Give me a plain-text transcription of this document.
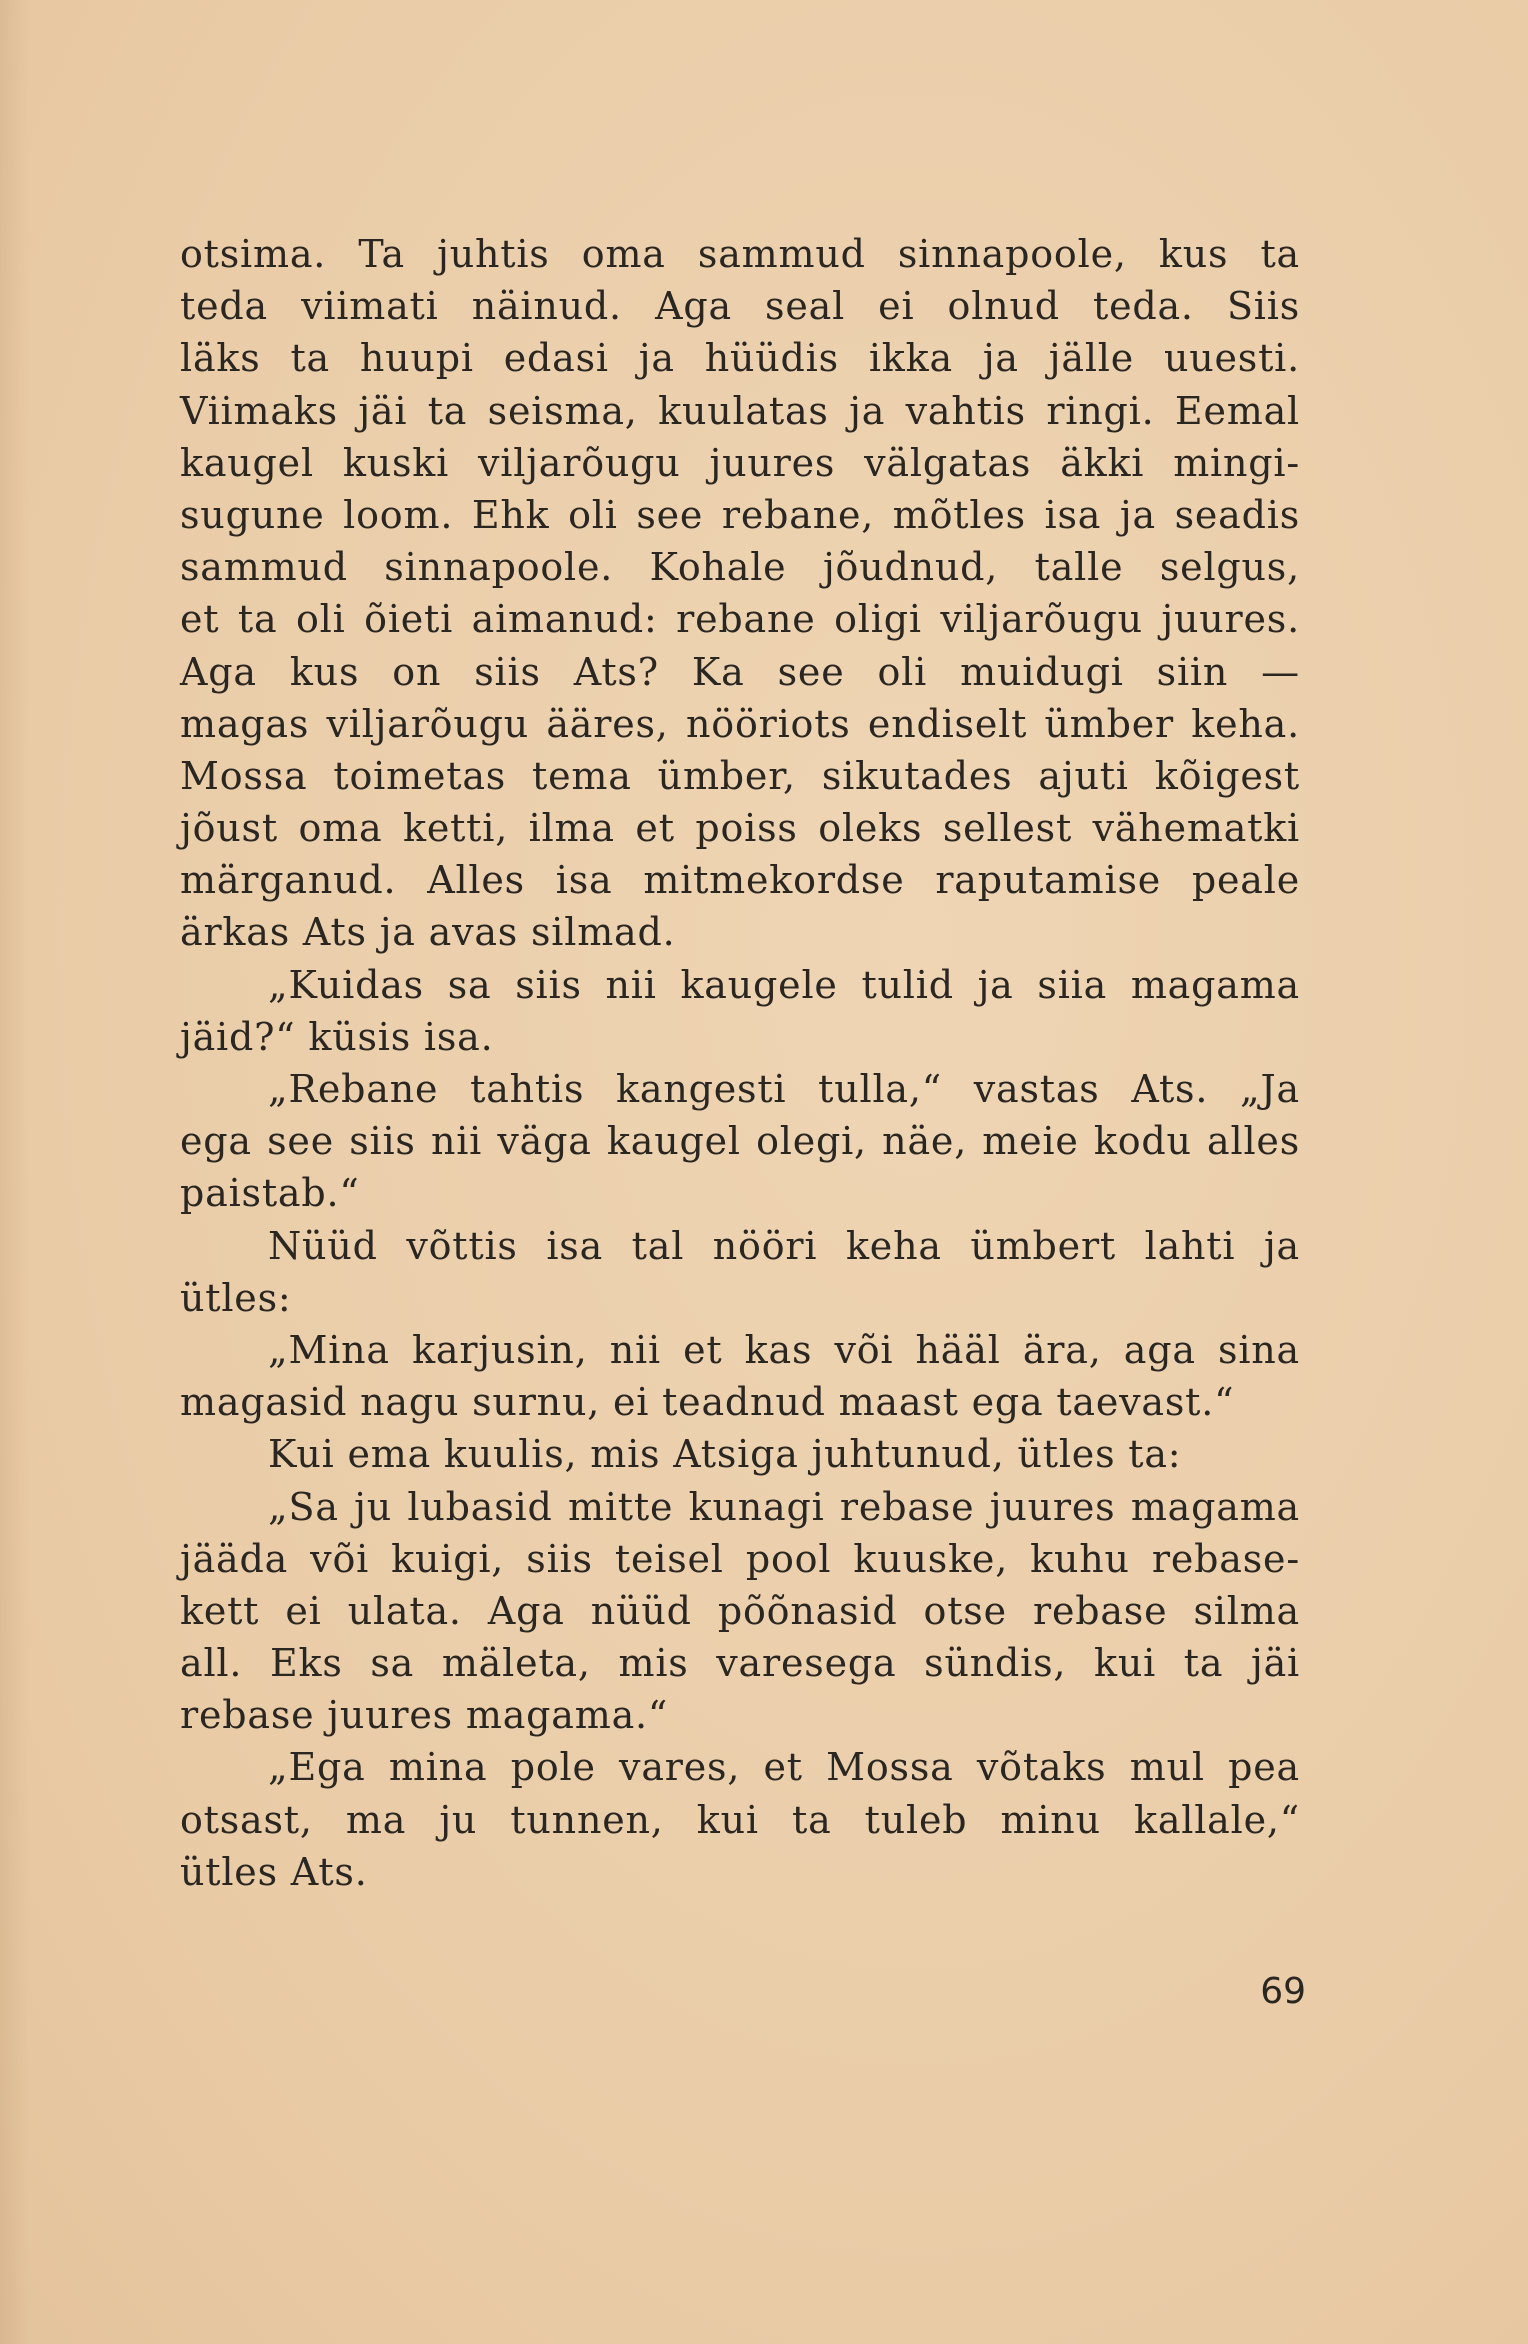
otsima. Ta juhtis oma sammud sinnapoole, kus ta
teda viimati näinud. Aga seal ei olnud teda. Siis
läks ta huupi edasi ja hüüdis ikka ja jälle uuesti.
Viimaks jäi ta seisma, kuulatas ja vahtis ringi. Eemal
kaugel kuski viljarõugu juures välgatas äkki mingi-
sugune loom. Ehk oli see rebane, mõtles isa ja seadis
sammud sinnapoole. Kohale jõudnud, talle selgus,
et ta oli õieti aimanud: rebane oligi viljarõugu juures.
Aga kus on siis Ats? Ka see oli muidugi siin —
magas viljarõugu ääres, nööriots endiselt ümber keha.
Mossa toimetas tema ümber, sikutades ajuti kõigest
jõust oma ketti, ilma et poiss oleks sellest vähematki
märganud. Alles isa mitmekordse raputamise peale
ärkas Ats ja avas silmad.
„Kuidas sa siis nii kaugele tulid ja siia magama
jäid?“ küsis isa.
„Rebane tahtis kangesti tulla,“ vastas Ats. „Ja
ega see siis nii väga kaugel olegi, näe, meie kodu alles
paistab.“
Nüüd võttis isa tal nööri keha ümbert lahti ja
ütles:
„Mina karjusin, nii et kas või hääl ära, aga sina
magasid nagu surnu, ei teadnud maast ega taevast.“
Kui ema kuulis, mis Atsiga juhtunud, ütles ta:
„Sa ju lubasid mitte kunagi rebase juures magama
jääda või kuigi, siis teisel pool kuuske, kuhu rebase-
kett ei ulata. Aga nüüd põõnasid otse rebase silma
all. Eks sa mäleta, mis varesega sündis, kui ta jäi
rebase juures magama.“
„Ega mina pole vares, et Mossa võtaks mul pea
otsast, ma ju tunnen, kui ta tuleb minu kallale,“
ütles Ats.
69
